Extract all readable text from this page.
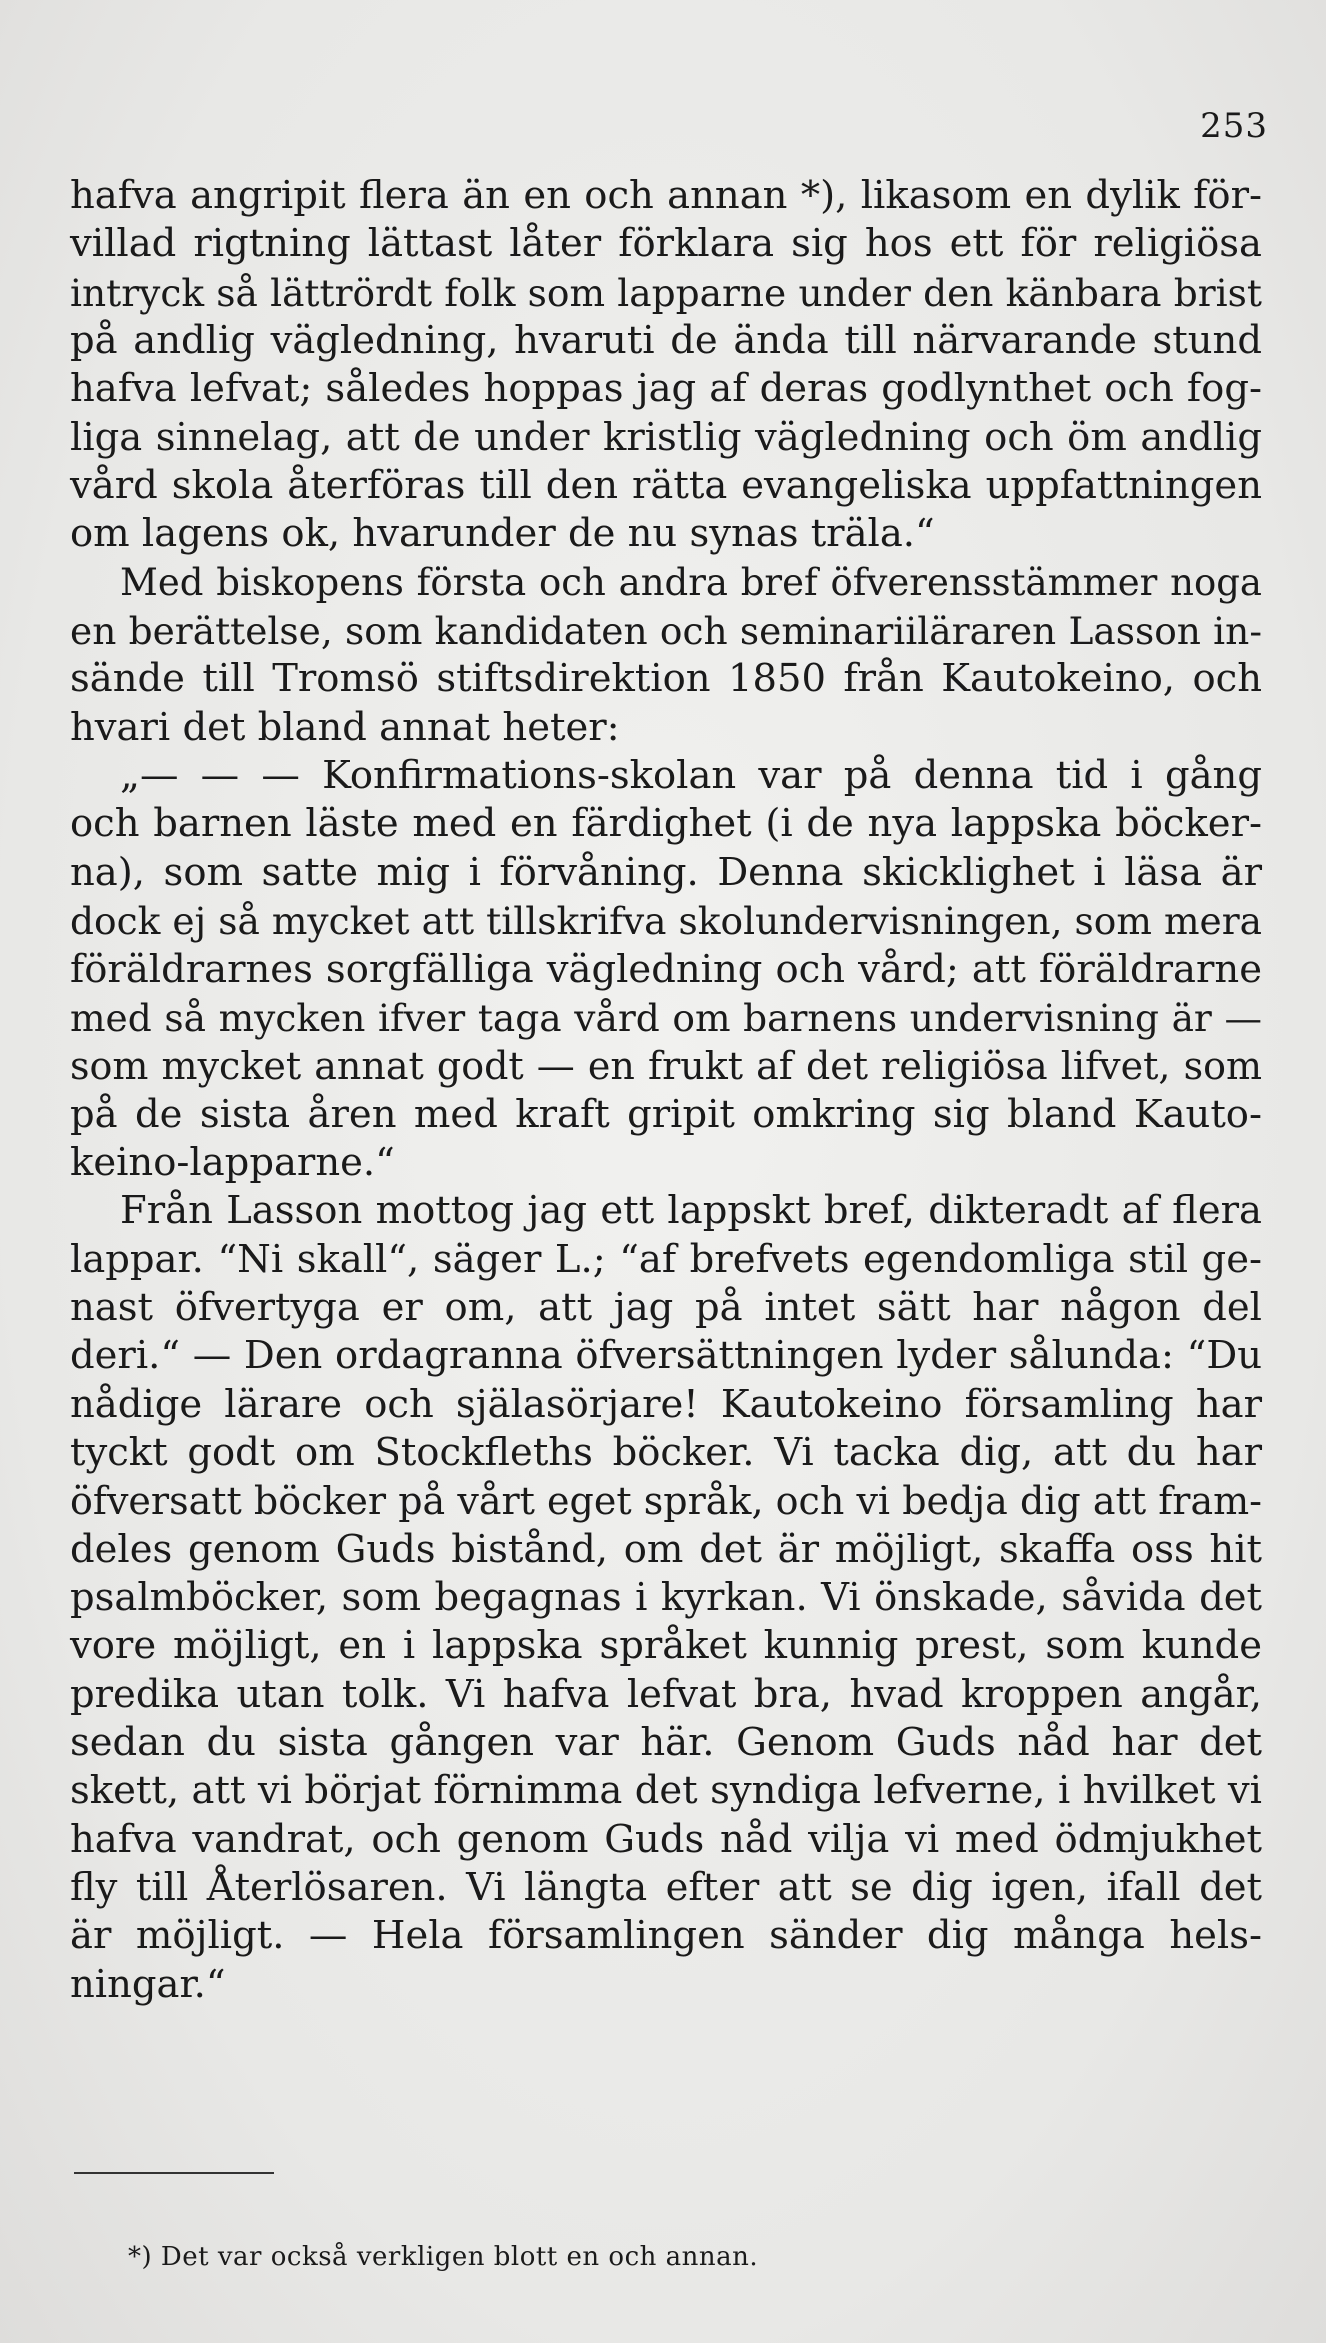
253
hafva angripit flera än en och annan *), likasom en dylik för-
villad rigtning lättast låter förklara sig hos ett för religiösa
intryck så lättrördt folk som lapparne under den känbara brist
på andlig vägledning, hvaruti de ända till närvarande stund
hafva lefvat; således hoppas jag af deras godlynthet och fog-
liga sinnelag, att de under kristlig vägledning och öm andlig
vård skola återföras till den rätta evangeliska uppfattningen
om lagens ok, hvarunder de nu synas träla.“
Med biskopens första och andra bref öfverensstämmer noga
en berättelse, som kandidaten och seminariiläraren Lasson in-
sände till Tromsö stiftsdirektion 1850 från Kautokeino, och
hvari det bland annat heter:
„— — — Konfirmations-skolan var på denna tid i gång
och barnen läste med en färdighet (i de nya lappska böcker-
na), som satte mig i förvåning. Denna skicklighet i läsa är
dock ej så mycket att tillskrifva skolundervisningen, som mera
föräldrarnes sorgfälliga vägledning och vård; att föräldrarne
med så mycken ifver taga vård om barnens undervisning är —
som mycket annat godt — en frukt af det religiösa lifvet, som
på de sista åren med kraft gripit omkring sig bland Kauto-
keino-lapparne.“
Från Lasson mottog jag ett lappskt bref, dikteradt af flera
lappar. “Ni skall“, säger L.; “af brefvets egendomliga stil ge-
nast öfvertyga er om, att jag på intet sätt har någon del
deri.“ — Den ordagranna öfversättningen lyder sålunda: “Du
nådige lärare och själasörjare! Kautokeino församling har
tyckt godt om Stockfleths böcker. Vi tacka dig, att du har
öfversatt böcker på vårt eget språk, och vi bedja dig att fram-
deles genom Guds bistånd, om det är möjligt, skaffa oss hit
psalmböcker, som begagnas i kyrkan. Vi önskade, såvida det
vore möjligt, en i lappska språket kunnig prest, som kunde
predika utan tolk. Vi hafva lefvat bra, hvad kroppen angår,
sedan du sista gången var här. Genom Guds nåd har det
skett, att vi börjat förnimma det syndiga lefverne, i hvilket vi
hafva vandrat, och genom Guds nåd vilja vi med ödmjukhet
fly till Återlösaren. Vi längta efter att se dig igen, ifall det
är möjligt. — Hela församlingen sänder dig många hels-
ningar.“
*) Det var också verkligen blott en och annan.
